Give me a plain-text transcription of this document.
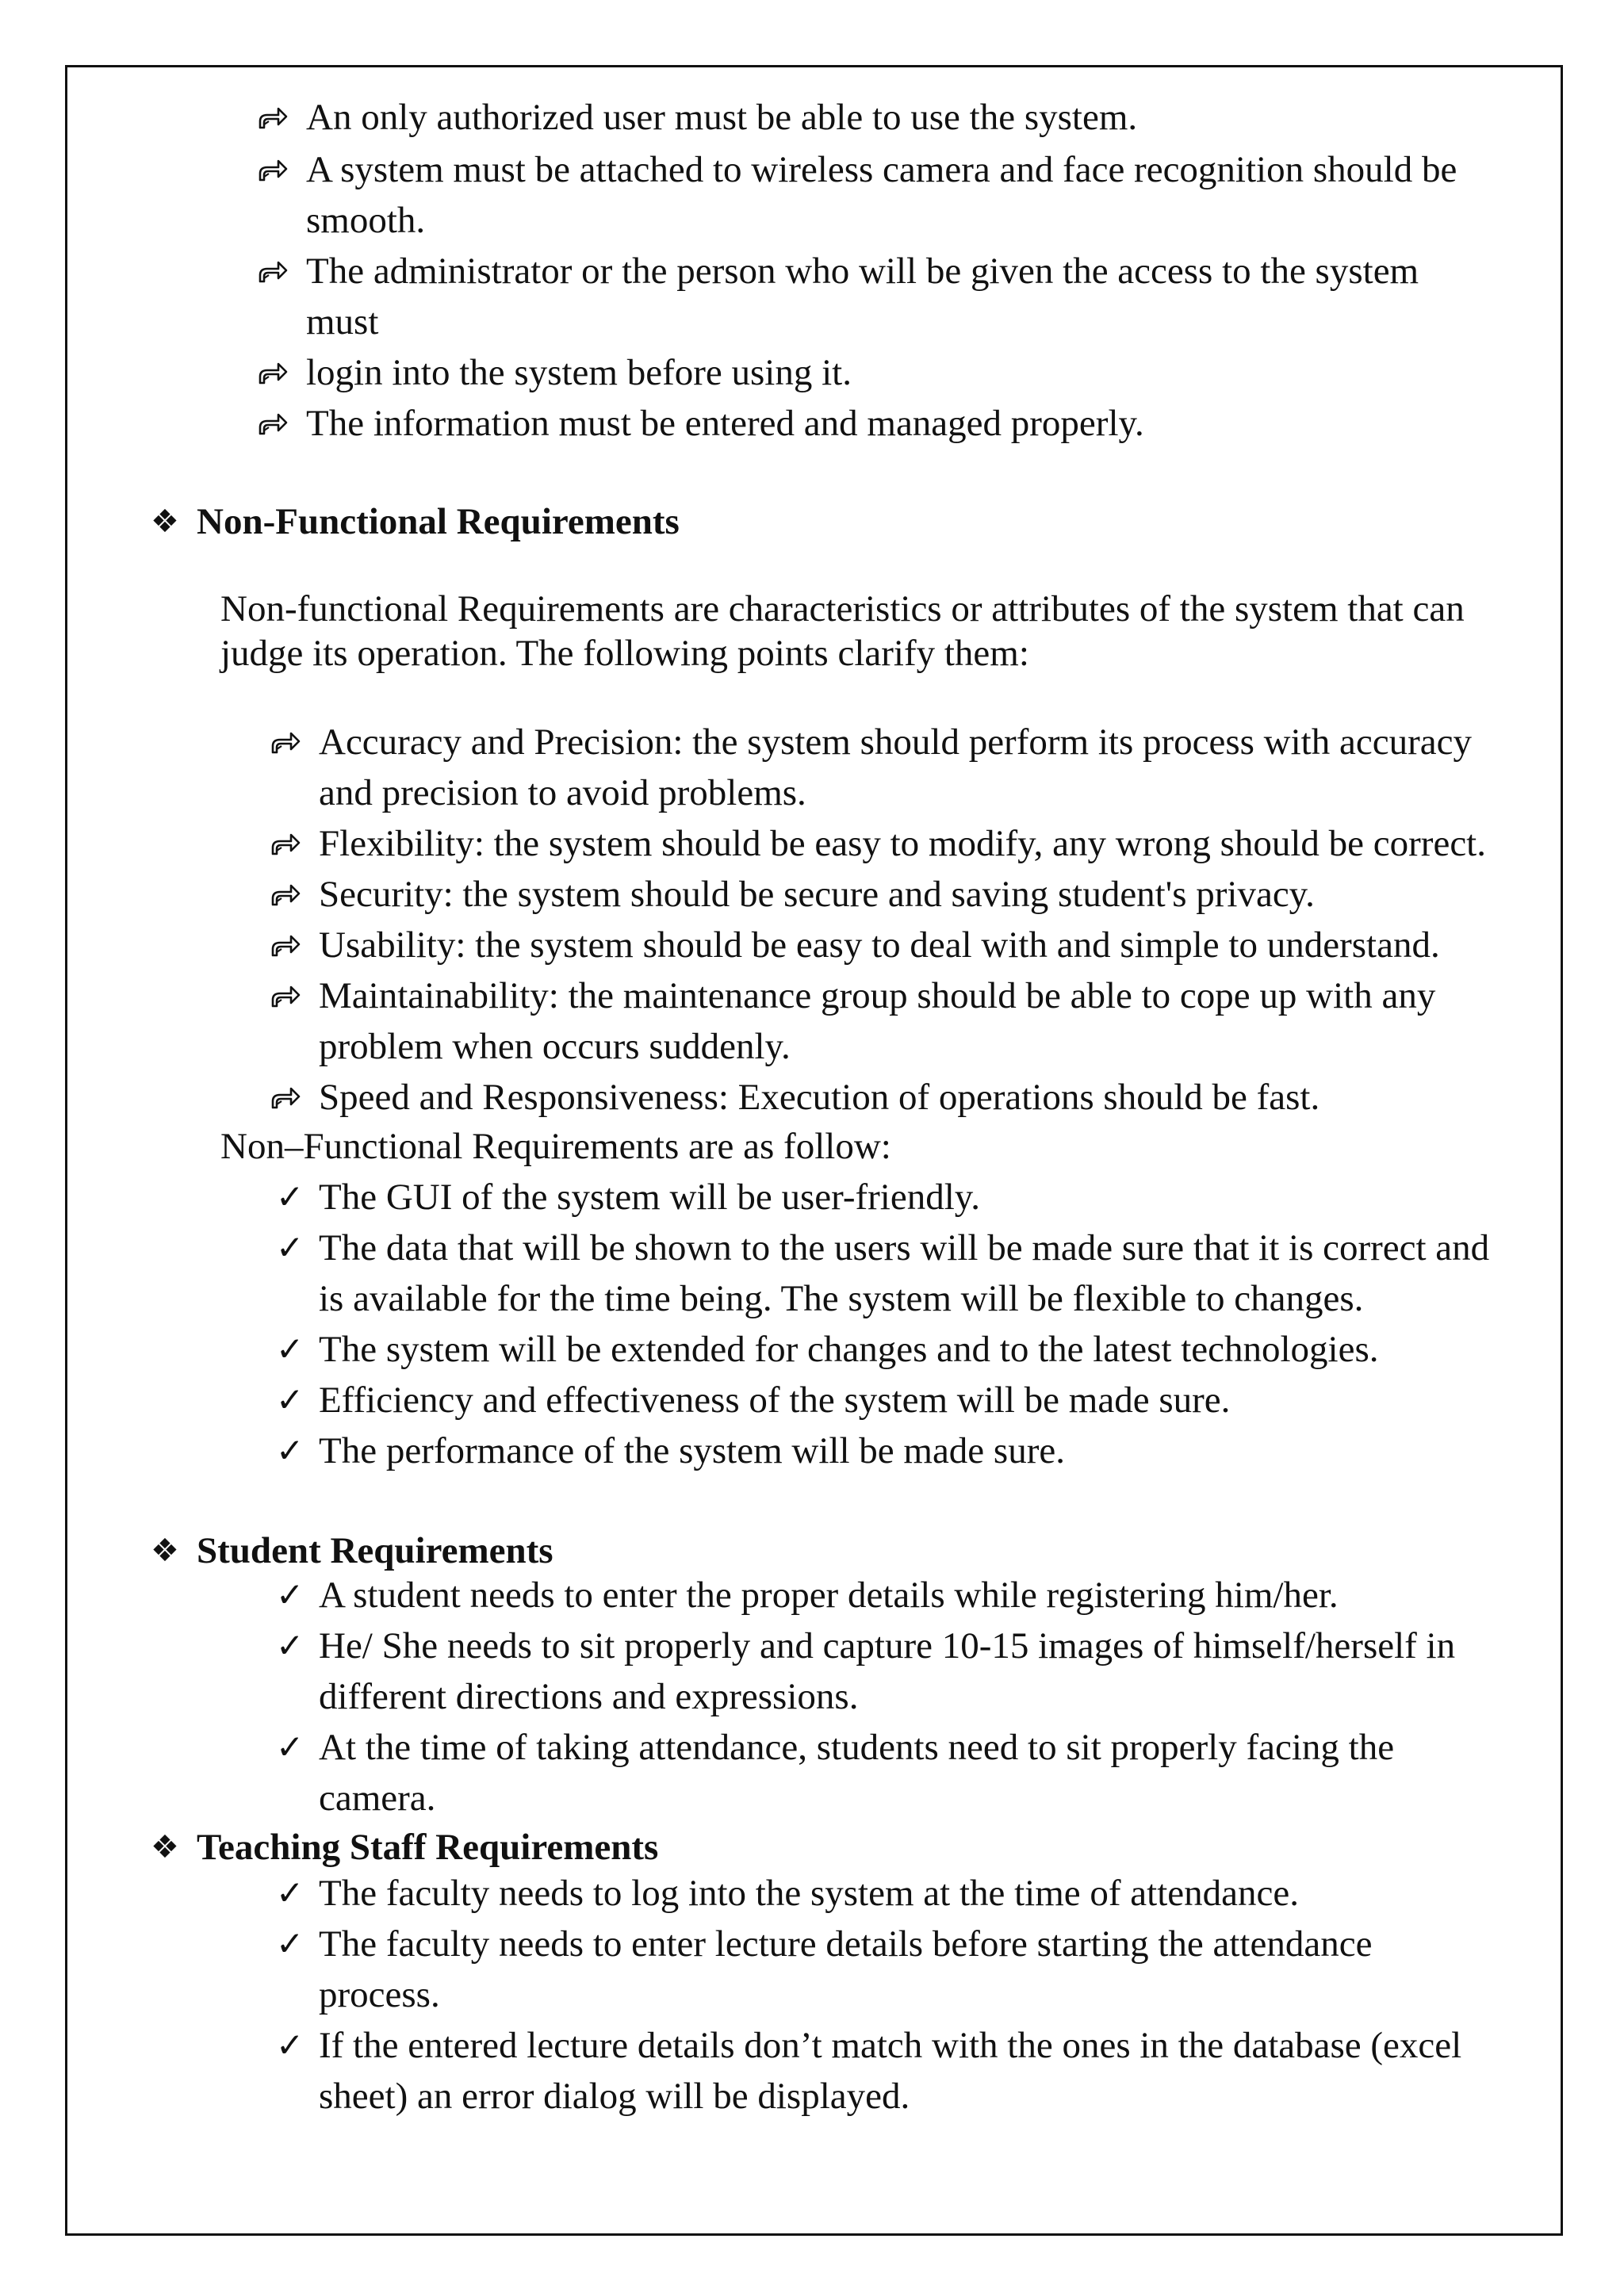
An only authorized user must be able to use the system.

A system must be attached to wireless camera and face recognition should be

smooth.

The administrator or the person who will be given the access to the system

must

login into the system before using it.

The information must be entered and managed properly.

❖ Non-Functional Requirements

Non-functional Requirements are characteristics or attributes of the system that can

judge its operation. The following points clarify them:

Accuracy and Precision: the system should perform its process with accuracy

and precision to avoid problems.

Flexibility: the system should be easy to modify, any wrong should be correct.

Security: the system should be secure and saving student's privacy.

Usability: the system should be easy to deal with and simple to understand.

Maintainability: the maintenance group should be able to cope up with any

problem when occurs suddenly.

Speed and Responsiveness: Execution of operations should be fast.

Non–Functional Requirements are as follow:

✓ The GUI of the system will be user-friendly.

✓ The data that will be shown to the users will be made sure that it is correct and

is available for the time being. The system will be flexible to changes.

✓ The system will be extended for changes and to the latest technologies.

✓ Efficiency and effectiveness of the system will be made sure.

✓ The performance of the system will be made sure.

❖ Student Requirements

✓ A student needs to enter the proper details while registering him/her.

✓ He/ She needs to sit properly and capture 10-15 images of himself/herself in

different directions and expressions.

✓ At the time of taking attendance, students need to sit properly facing the

camera.

❖ Teaching Staff Requirements

✓ The faculty needs to log into the system at the time of attendance.

✓ The faculty needs to enter lecture details before starting the attendance

process.

✓ If the entered lecture details don’t match with the ones in the database (excel

sheet) an error dialog will be displayed.
